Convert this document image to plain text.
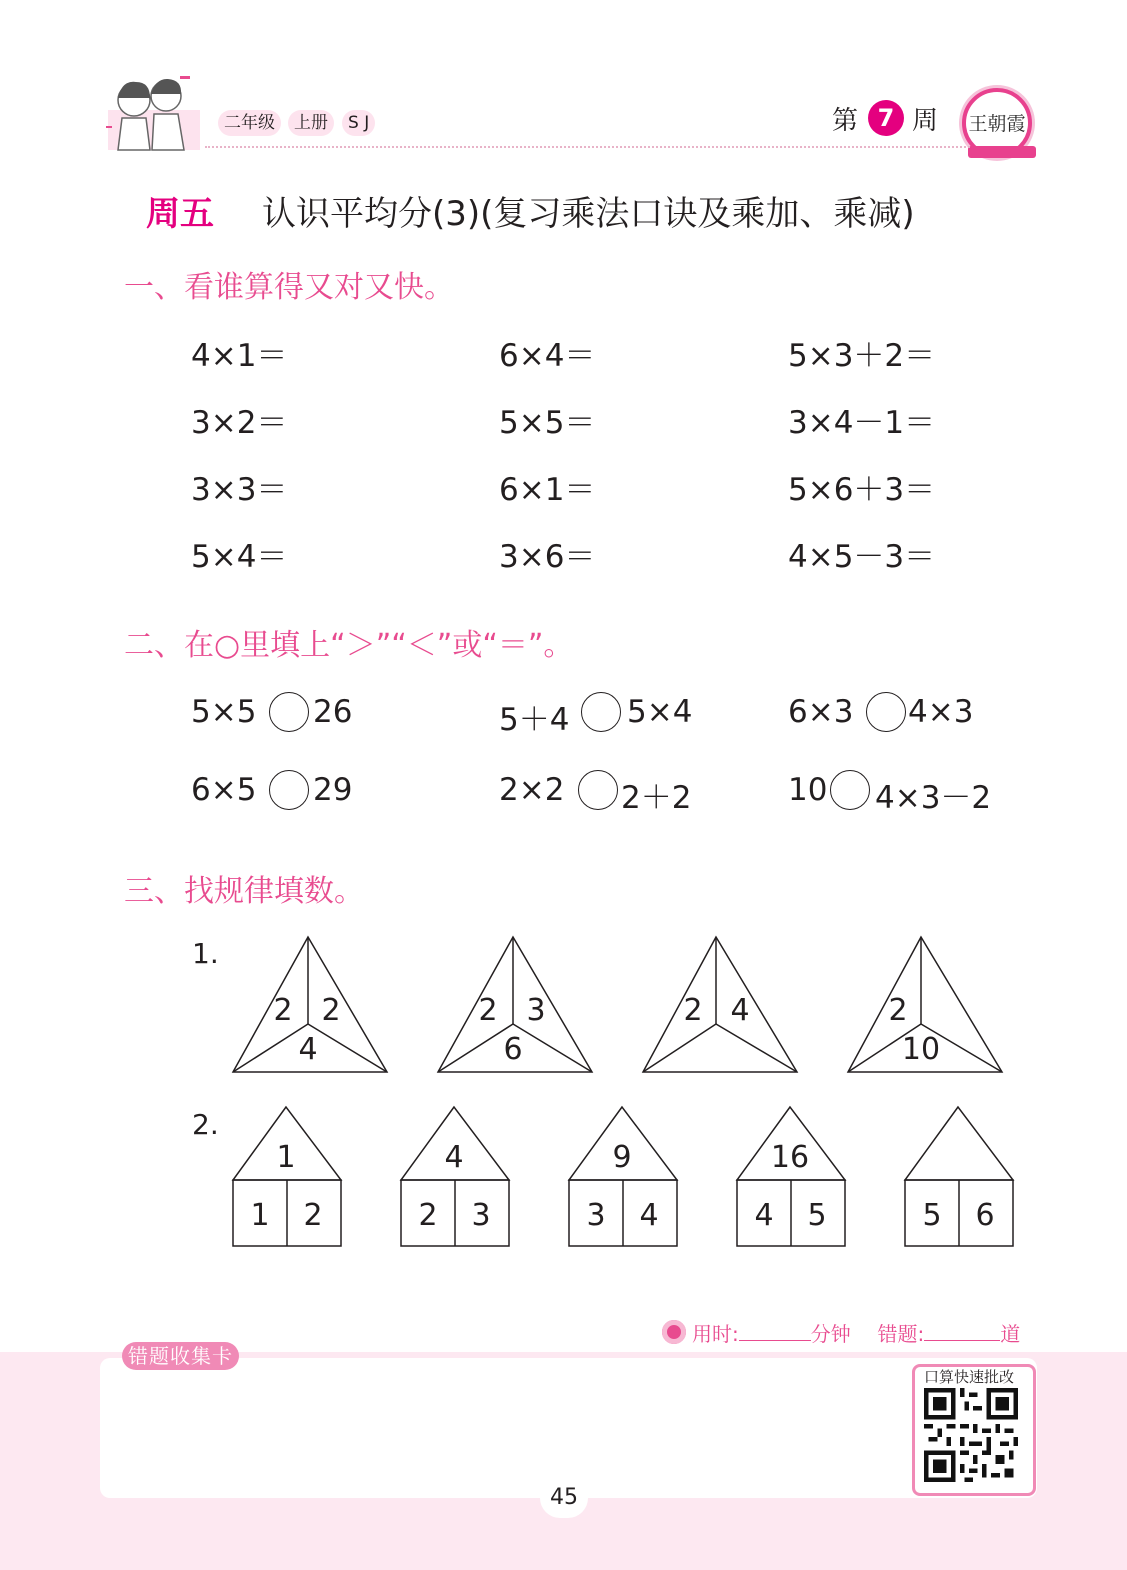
二年级	上册	S J	第 7 周	王朝霞
周五 认识平均分(3)(复习乘法口诀及乘加、乘减)
一、看谁算得又对又快。
4×1＝	6×4＝	5×3＋2＝
3×2＝	5×5＝	3×4－1＝
3×3＝	6×1＝	5×6＋3＝
5×4＝	3×6＝	4×5－3＝
二、在○里填上“＞”“＜”或“＝”。
5×5 26	5＋4 5×4	6×3 4×3
6×5 29	2×2 2＋2	10 4×3－2
三、找规律填数。
1.
2 2
4
2 3
6
2 4	2
10
2.
1
1 2
4
2 3
9
3 4
16
4 5	5 6
错题收集卡
用时:	分钟 错题:	道
口算快速批改
45
